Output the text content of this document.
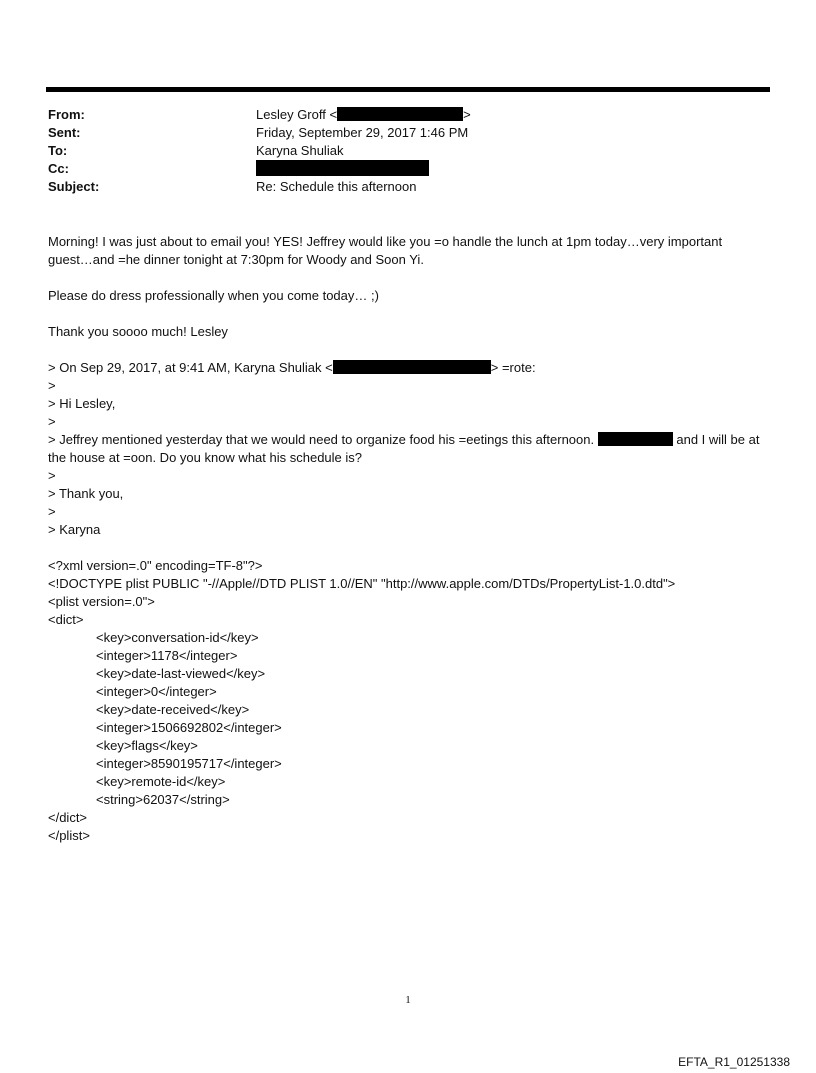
From:	Lesley Groff <	>
Sent:	Friday, September 29, 2017 1:46 PM
To:	Karyna Shuliak
Cc:
Subject:	Re: Schedule this afternoon

Morning! I was just about to email you! YES! Jeffrey would like you =o handle the lunch at 1pm today…very important guest…and =he dinner tonight at 7:30pm for Woody and Soon Yi.

Please do dress professionally when you come today… ;)

Thank you soooo much! Lesley

> On Sep 29, 2017, at 9:41 AM, Karyna Shuliak <	> =rote:

>

> Hi Lesley,

>

> Jeffrey mentioned yesterday that we would need to organize food his =eetings this afternoon.	and I will be at the house at =oon. Do you know what his schedule is?

>

> Thank you,

>

> Karyna

<?xml version=.0" encoding=TF-8"?>

<!DOCTYPE plist PUBLIC "-//Apple//DTD PLIST 1.0//EN" "http://www.apple.com/DTDs/PropertyList-1.0.dtd">

<plist version=.0">

<dict>

<key>conversation-id</key>

<integer>1178</integer>

<key>date-last-viewed</key>

<integer>0</integer>

<key>date-received</key>

<integer>1506692802</integer>

<key>flags</key>

<integer>8590195717</integer>

<key>remote-id</key>

<string>62037</string>

</dict>

</plist>

1
EFTA_R1_01251338
